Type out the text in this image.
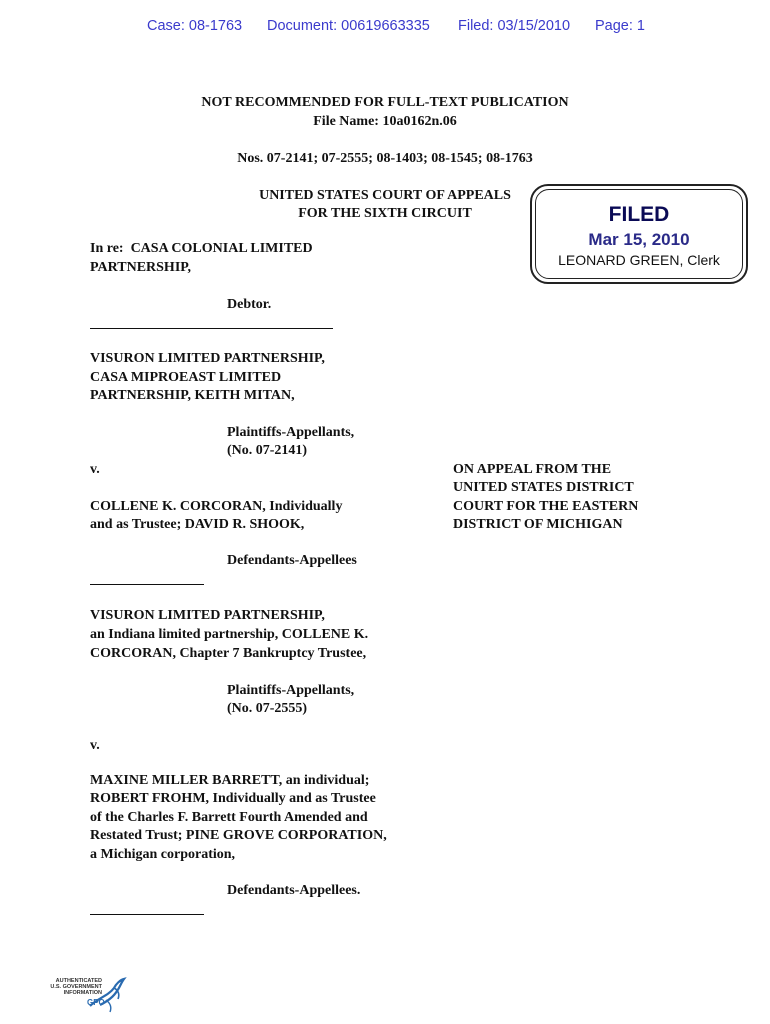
Case: 08-1763 Document: 00619663335 Filed: 03/15/2010 Page: 1
NOT RECOMMENDED FOR FULL-TEXT PUBLICATION
File Name: 10a0162n.06
Nos. 07-2141; 07-2555; 08-1403; 08-1545; 08-1763
UNITED STATES COURT OF APPEALS
FOR THE SIXTH CIRCUIT	FILED
Mar 15, 2010
LEONARD GREEN, Clerk
In re:  CASA COLONIAL LIMITED
PARTNERSHIP,
Debtor.
VISURON LIMITED PARTNERSHIP,
CASA MIPROEAST LIMITED
PARTNERSHIP, KEITH MITAN,
Plaintiffs-Appellants,
(No. 07-2141)
v.
COLLENE K. CORCORAN, Individually
and as Trustee; DAVID R. SHOOK,
Defendants-Appellees
ON APPEAL FROM THE
UNITED STATES DISTRICT
COURT FOR THE EASTERN
DISTRICT OF MICHIGAN
VISURON LIMITED PARTNERSHIP,
an Indiana limited partnership, COLLENE K.
CORCORAN, Chapter 7 Bankruptcy Trustee,
Plaintiffs-Appellants,
(No. 07-2555)
v.
MAXINE MILLER BARRETT, an individual;
ROBERT FROHM, Individually and as Trustee
of the Charles F. Barrett Fourth Amended and
Restated Trust; PINE GROVE CORPORATION,
a Michigan corporation,
Defendants-Appellees.
AUTHENTICATED
U.S. GOVERNMENT
INFORMATION
GPO
